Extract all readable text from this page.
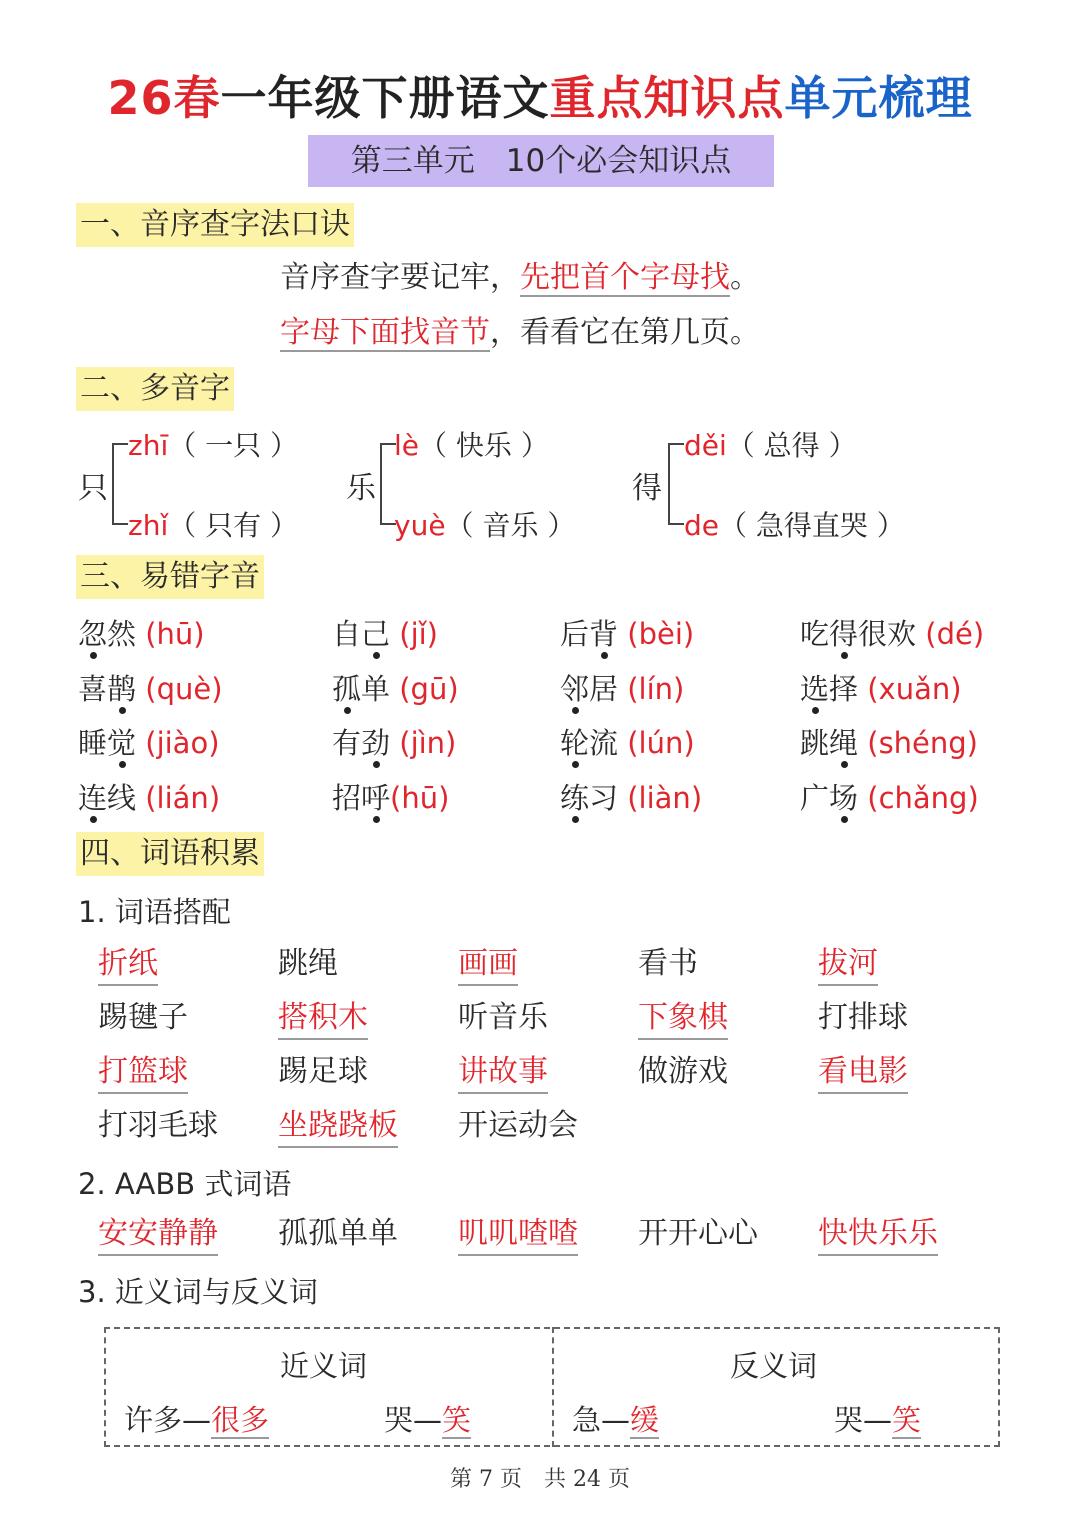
26春一年级下册语文重点知识点单元梳理
第三单元　10个必会知识点
一、音序查字法口诀
音序查字要记牢，先把首个字母找。
字母下面找音节，看看它在第几页。
二、多音字
只
zhī（ 一只 ）
zhǐ（ 只有 ）
乐
lè（ 快乐 ）
yuè（ 音乐 ）
得
děi（ 总得 ）
de（ 急得直哭 ）
三、易错字音
忽然 (hū)	自己 (jǐ)	后背 (bèi)	吃得很欢 (dé)
喜鹊 (què)	孤单 (gū)	邻居 (lín)	选择 (xuǎn)
睡觉 (jiào)	有劲 (jìn)	轮流 (lún)	跳绳 (shéng)
连线 (lián)	招呼(hū)	练习 (liàn)	广场 (chǎng)
四、词语积累
1. 词语搭配
折纸	跳绳	画画	看书	拔河
踢毽子	搭积木	听音乐	下象棋	打排球
打篮球	踢足球	讲故事	做游戏	看电影
打羽毛球 坐跷跷板 开运动会
2. AABB 式词语
安安静静 孤孤单单 叽叽喳喳 开开心心 快快乐乐
3. 近义词与反义词
近义词	反义词
许多—很多	哭—笑	急—缓	哭—笑
第 7 页　共 24 页
